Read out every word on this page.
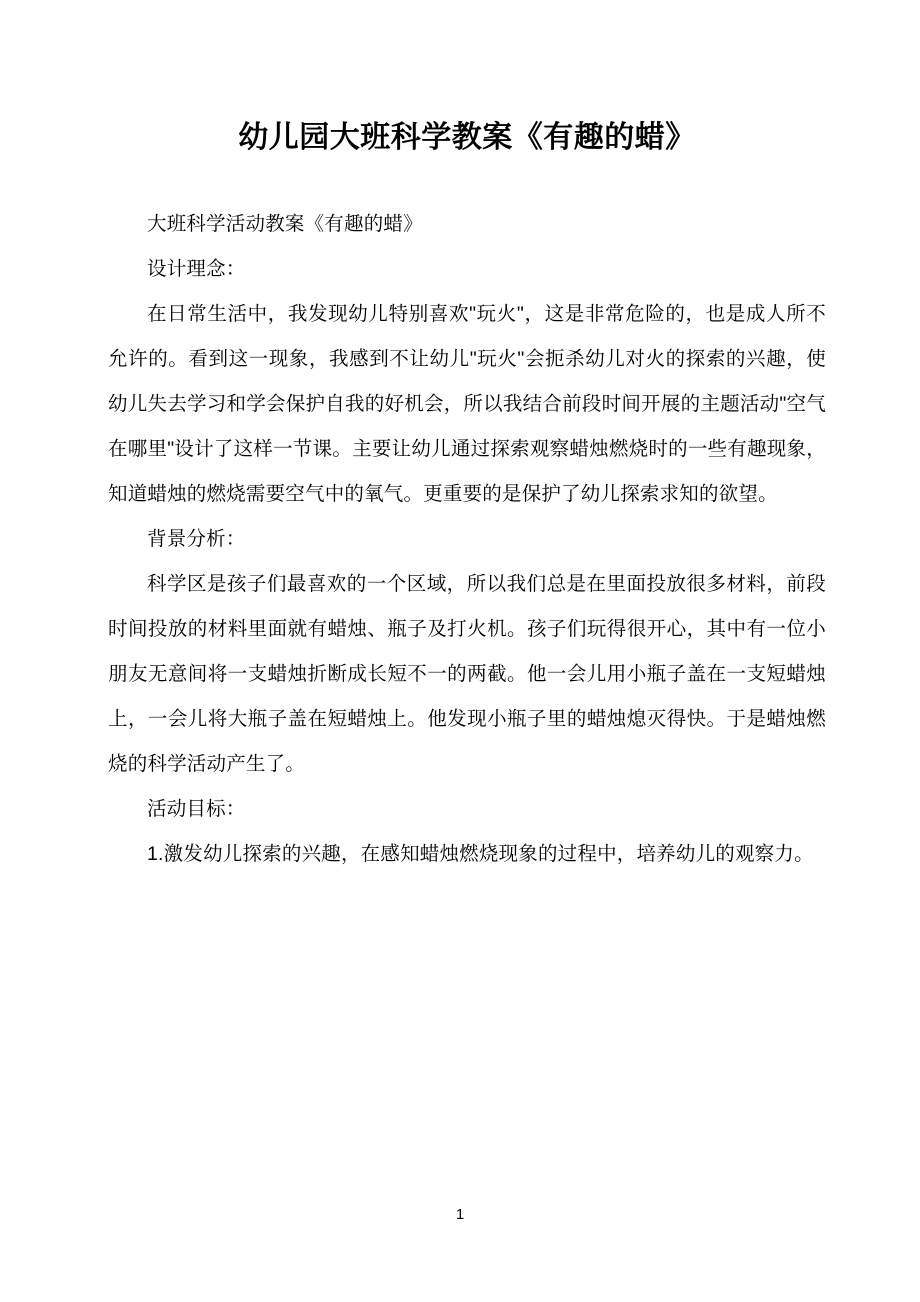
幼儿园大班科学教案《有趣的蜡》

大班科学活动教案《有趣的蜡》

设计理念：

在日常生活中，我发现幼儿特别喜欢"玩火"，这是非常危险的，也是成人所不允许的。看到这一现象，我感到不让幼儿"玩火"会扼杀幼儿对火的探索的兴趣，使幼儿失去学习和学会保护自我的好机会，所以我结合前段时间开展的主题活动"空气在哪里"设计了这样一节课。主要让幼儿通过探索观察蜡烛燃烧时的一些有趣现象，知道蜡烛的燃烧需要空气中的氧气。更重要的是保护了幼儿探索求知的欲望。

背景分析：

科学区是孩子们最喜欢的一个区域，所以我们总是在里面投放很多材料，前段时间投放的材料里面就有蜡烛、瓶子及打火机。孩子们玩得很开心，其中有一位小朋友无意间将一支蜡烛折断成长短不一的两截。他一会儿用小瓶子盖在一支短蜡烛上，一会儿将大瓶子盖在短蜡烛上。他发现小瓶子里的蜡烛熄灭得快。于是蜡烛燃烧的科学活动产生了。

活动目标：

1.激发幼儿探索的兴趣，在感知蜡烛燃烧现象的过程中，培养幼儿的观察力。

1
